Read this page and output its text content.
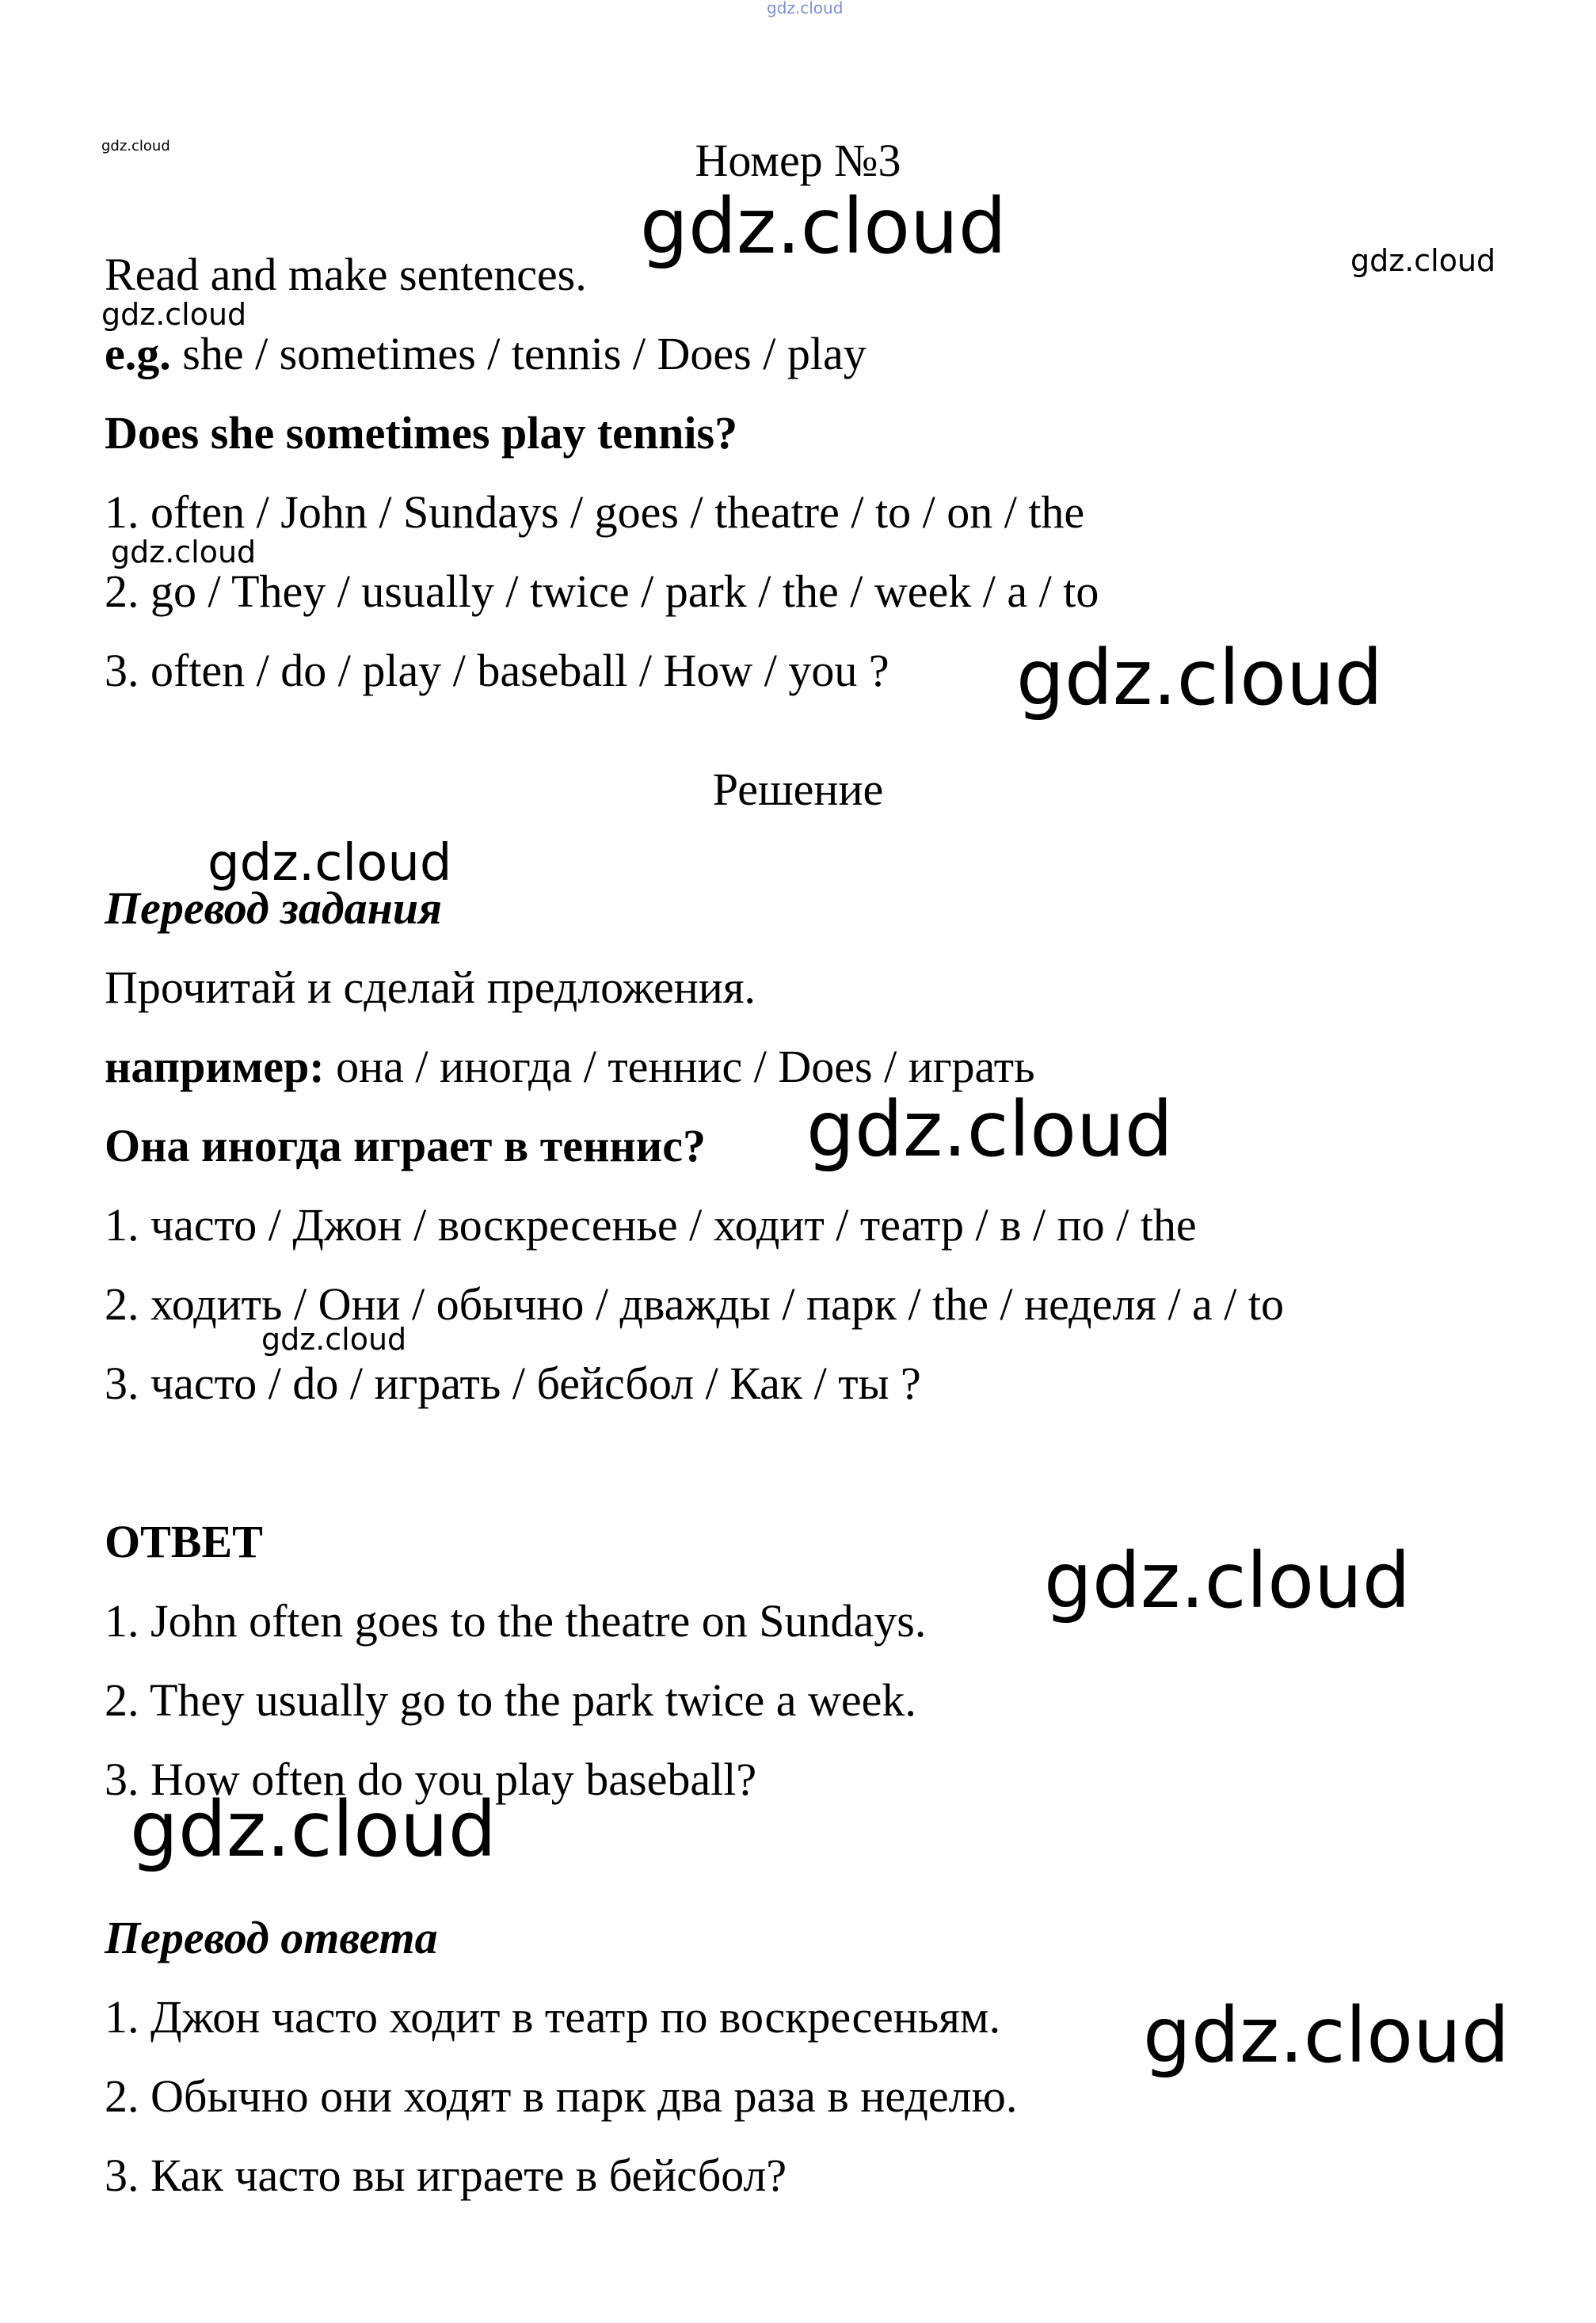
Номер №3
Read and make sentences.
e.g. she / sometimes / tennis / Does / play
Does she sometimes play tennis?
1. often / John / Sundays / goes / theatre / to / on / the
2. go / They / usually / twice / park / the / week / a / to
3. often / do / play / baseball / How / you ?
Решение
Перевод задания
Прочитай и сделай предложения.
например: она / иногда / теннис / Does / играть
Она иногда играет в теннис?
1. часто / Джон / воскресенье / ходит / театр / в / по / the
2. ходить / Они / обычно / дважды / парк / the / неделя / a / to
3. часто / do / играть / бейсбол / Как / ты ?
ОТВЕТ
1. John often goes to the theatre on Sundays.
2. They usually go to the park twice a week.
3. How often do you play baseball?
Перевод ответа
1. Джон часто ходит в театр по воскресеньям.
2. Обычно они ходят в парк два раза в неделю.
3. Как часто вы играете в бейсбол?
gdz.cloud
gdz.cloud
gdz.cloud	gdz.cloud
gdz.cloud
gdz.cloud
gdz.cloud
gdz.cloud
gdz.cloud
gdz.cloud
gdz.cloud
gdz.cloud
gdz.cloud
